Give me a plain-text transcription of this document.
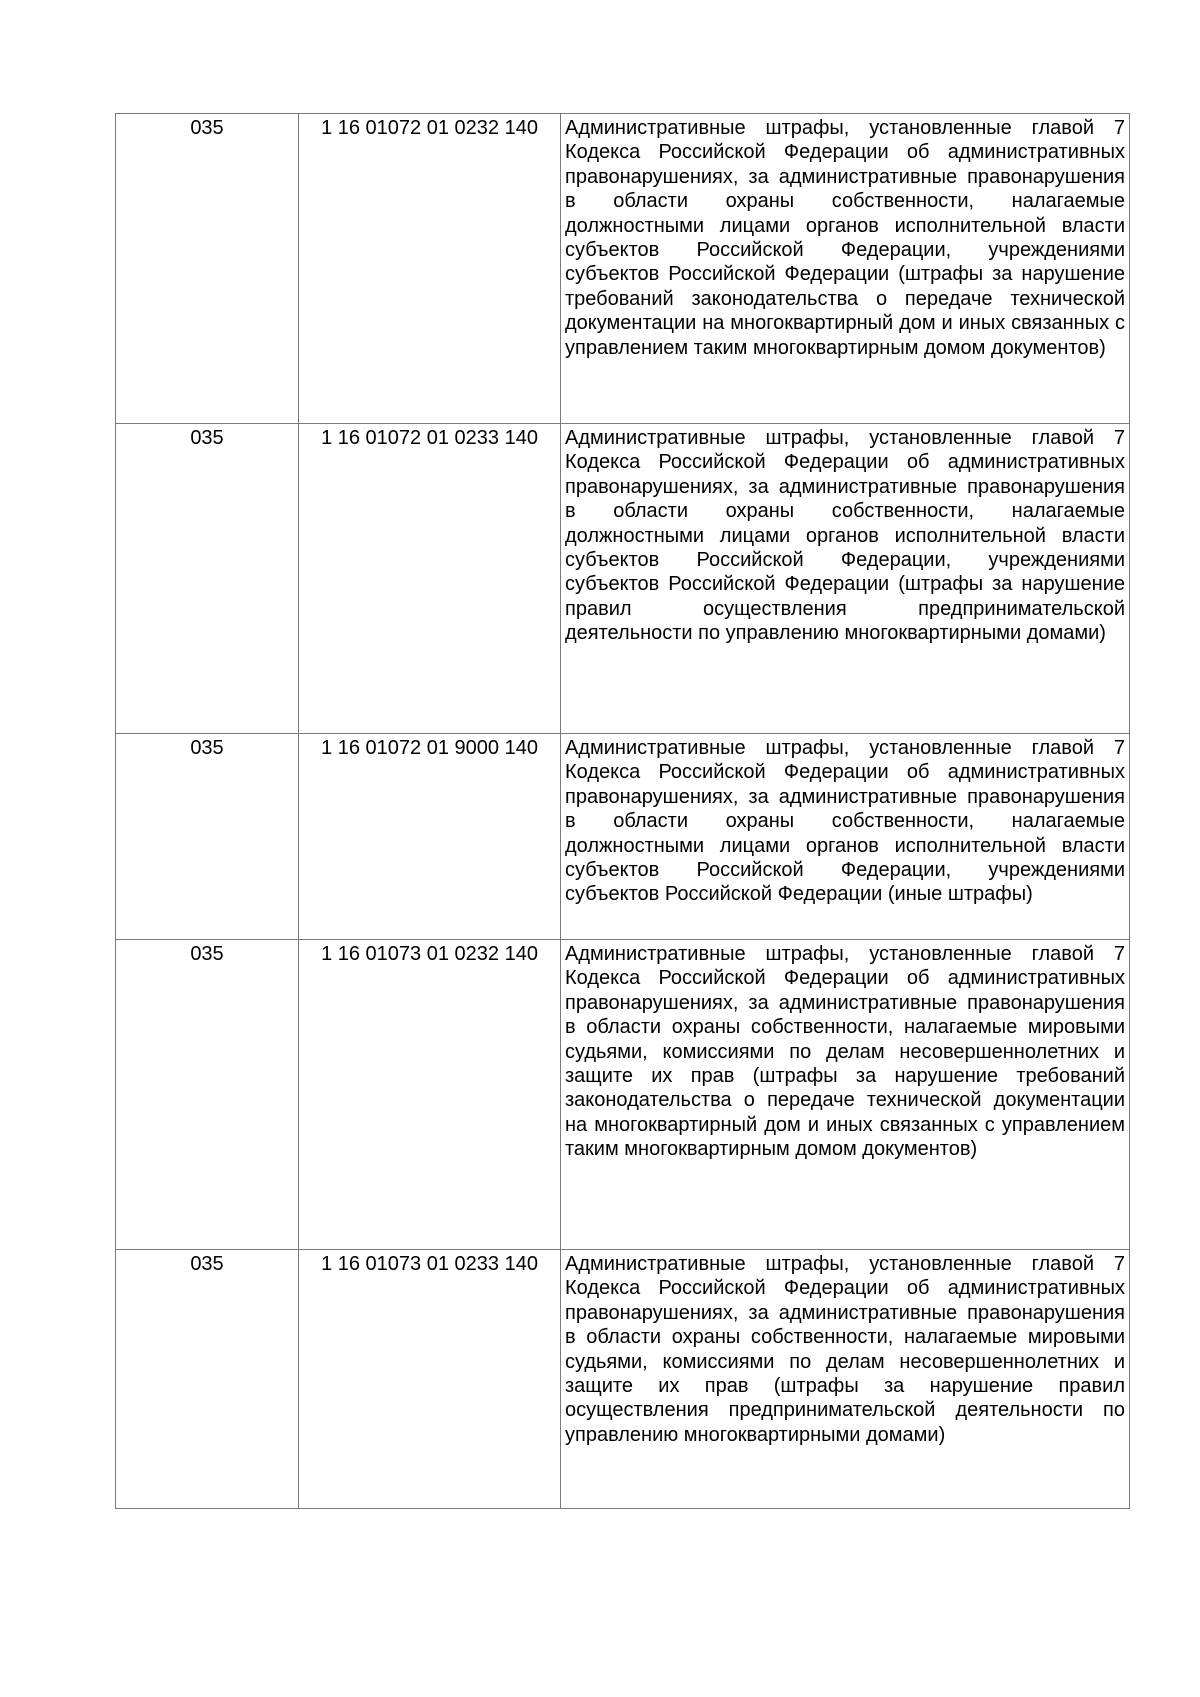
035	1 16 01072 01 0232 140	Административные штрафы, установленные главой 7 Кодекса Российской Федерации об административных правонарушениях, за административные правонарушения в области охраны собственности, налагаемые должностными лицами органов исполнительной власти субъектов Российской Федерации, учреждениями субъектов Российской Федерации (штрафы за нарушение требований законодательства о передаче технической документации на многоквартирный дом и иных связанных с управлением таким многоквартирным домом документов)
035	1 16 01072 01 0233 140	Административные штрафы, установленные главой 7 Кодекса Российской Федерации об административных правонарушениях, за административные правонарушения в области охраны собственности, налагаемые должностными лицами органов исполнительной власти субъектов Российской Федерации, учреждениями субъектов Российской Федерации (штрафы за нарушение правил осуществления предпринимательской деятельности по управлению многоквартирными домами)
035	1 16 01072 01 9000 140	Административные штрафы, установленные главой 7 Кодекса Российской Федерации об административных правонарушениях, за административные правонарушения в области охраны собственности, налагаемые должностными лицами органов исполнительной власти субъектов Российской Федерации, учреждениями субъектов Российской Федерации (иные штрафы)
035	1 16 01073 01 0232 140	Административные штрафы, установленные главой 7 Кодекса Российской Федерации об административных правонарушениях, за административные правонарушения в области охраны собственности, налагаемые мировыми судьями, комиссиями по делам несовершеннолетних и защите их прав (штрафы за нарушение требований законодательства о передаче технической документации на многоквартирный дом и иных связанных с управлением таким многоквартирным домом документов)
035	1 16 01073 01 0233 140	Административные штрафы, установленные главой 7 Кодекса Российской Федерации об административных правонарушениях, за административные правонарушения в области охраны собственности, налагаемые мировыми судьями, комиссиями по делам несовершеннолетних и защите их прав (штрафы за нарушение правил осуществления предпринимательской деятельности по управлению многоквартирными домами)
